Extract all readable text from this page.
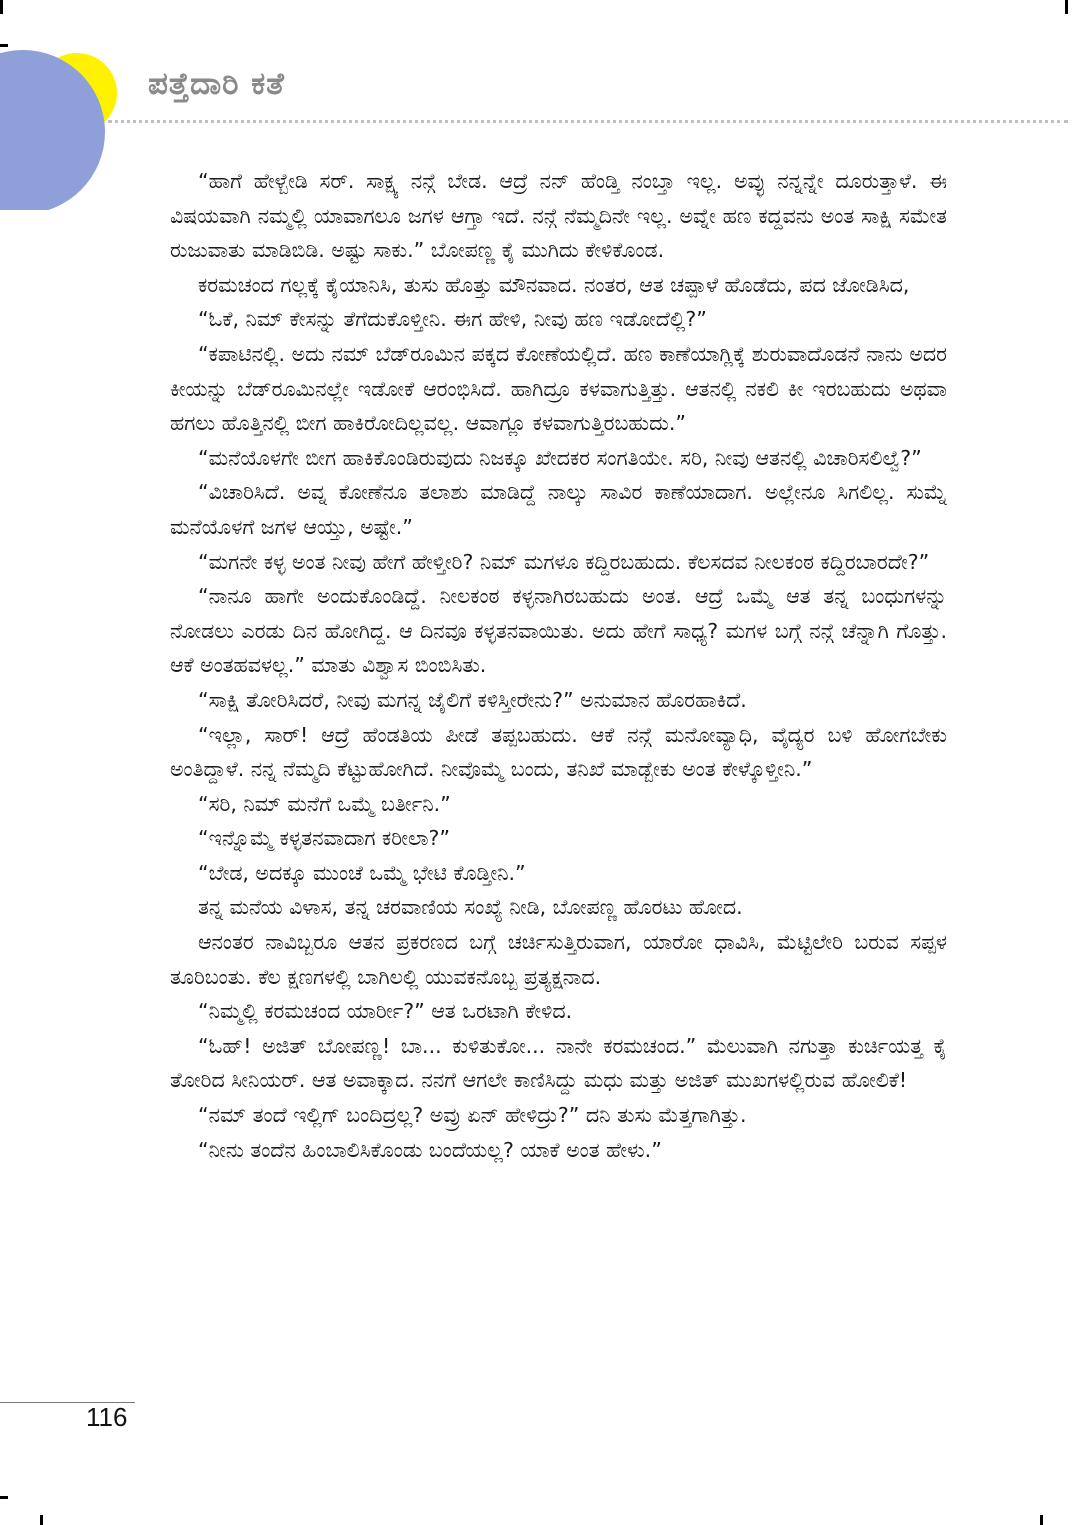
ಪತ್ತೆದಾರಿ ಕತೆ

“ಹಾಗೆ ಹೇಳ್ಬೇಡಿ ಸರ್. ಸಾಕ್ಷ್ಯ ನನ್ಗೆ ಬೇಡ. ಆದ್ರೆ ನನ್ ಹೆಂಡ್ತಿ ನಂಬ್ತಾ ಇಲ್ಲ. ಅವ್ಳು ನನ್ನನ್ನೇ ದೂರುತ್ತಾಳೆ. ಈ ವಿಷಯವಾಗಿ ನಮ್ಮಲ್ಲಿ ಯಾವಾಗಲೂ ಜಗಳ ಆಗ್ತಾ ಇದೆ. ನನ್ಗೆ ನೆಮ್ಮದಿನೇ ಇಲ್ಲ. ಅವ್ನೇ ಹಣ ಕದ್ದವನು ಅಂತ ಸಾಕ್ಷಿ ಸಮೇತ ರುಜುವಾತು ಮಾಡಿಬಿಡಿ. ಅಷ್ಟು ಸಾಕು.” ಬೋಪಣ್ಣ ಕೈ ಮುಗಿದು ಕೇಳಿಕೊಂಡ.

ಕರಮಚಂದ ಗಲ್ಲಕ್ಕೆ ಕೈಯಾನಿಸಿ, ತುಸು ಹೊತ್ತು ಮೌನವಾದ. ನಂತರ, ಆತ ಚಪ್ಪಾಳೆ ಹೊಡೆದು, ಪದ ಜೋಡಿಸಿದ,

“ಓಕೆ, ನಿಮ್ ಕೇಸನ್ನು ತೆಗೆದುಕೊಳ್ತೀನಿ. ಈಗ ಹೇಳಿ, ನೀವು ಹಣ ಇಡೋದೆಲ್ಲಿ?”

“ಕಪಾಟಿನಲ್ಲಿ. ಅದು ನಮ್ ಬೆಡ್‌ರೂಮಿನ ಪಕ್ಕದ ಕೋಣೆಯಲ್ಲಿದೆ. ಹಣ ಕಾಣೆಯಾಗ್ಲಿಕ್ಕೆ ಶುರುವಾದೊಡನೆ ನಾನು ಅದರ ಕೀಯನ್ನು ಬೆಡ್‌ರೂಮಿನಲ್ಲೇ ಇಡೋಕೆ ಆರಂಭಿಸಿದೆ. ಹಾಗಿದ್ರೂ ಕಳವಾಗುತ್ತಿತ್ತು. ಆತನಲ್ಲಿ ನಕಲಿ ಕೀ ಇರಬಹುದು ಅಥವಾ ಹಗಲು ಹೊತ್ತಿನಲ್ಲಿ ಬೀಗ ಹಾಕಿರೋದಿಲ್ಲವಲ್ಲ. ಆವಾಗ್ಲೂ ಕಳವಾಗುತ್ತಿರಬಹುದು.”

“ಮನೆಯೊಳಗೇ ಬೀಗ ಹಾಕಿಕೊಂಡಿರುವುದು ನಿಜಕ್ಕೂ ಖೇದಕರ ಸಂಗತಿಯೇ. ಸರಿ, ನೀವು ಆತನಲ್ಲಿ ವಿಚಾರಿಸಲಿಲ್ವೆ?”

“ವಿಚಾರಿಸಿದೆ. ಅವ್ನ ಕೋಣೆನೂ ತಲಾಶು ಮಾಡಿದ್ದೆ ನಾಲ್ಕು ಸಾವಿರ ಕಾಣೆಯಾದಾಗ. ಅಲ್ಲೇನೂ ಸಿಗಲಿಲ್ಲ. ಸುಮ್ನೆ ಮನೆಯೊಳಗೆ ಜಗಳ ಆಯ್ತು, ಅಷ್ಟೇ.”

“ಮಗನೇ ಕಳ್ಳ ಅಂತ ನೀವು ಹೇಗೆ ಹೇಳ್ತೀರಿ? ನಿಮ್ ಮಗಳೂ ಕದ್ದಿರಬಹುದು. ಕೆಲಸದವ ನೀಲಕಂಠ ಕದ್ದಿರಬಾರದೇ?”

“ನಾನೂ ಹಾಗೇ ಅಂದುಕೊಂಡಿದ್ದೆ. ನೀಲಕಂಠ ಕಳ್ಳನಾಗಿರಬಹುದು ಅಂತ. ಆದ್ರೆ ಒಮ್ಮೆ ಆತ ತನ್ನ ಬಂಧುಗಳನ್ನು ನೋಡಲು ಎರಡು ದಿನ ಹೋಗಿದ್ದ. ಆ ದಿನವೂ ಕಳ್ಳತನವಾಯಿತು. ಅದು ಹೇಗೆ ಸಾಧ್ಯ? ಮಗಳ ಬಗ್ಗೆ ನನ್ಗೆ ಚೆನ್ನಾಗಿ ಗೊತ್ತು. ಆಕೆ ಅಂತಹವಳಲ್ಲ.” ಮಾತು ವಿಶ್ವಾಸ ಬಿಂಬಿಸಿತು.

“ಸಾಕ್ಷಿ ತೋರಿಸಿದರೆ, ನೀವು ಮಗನ್ನ ಜೈಲಿಗೆ ಕಳಿಸ್ತೀರೇನು?” ಅನುಮಾನ ಹೊರಹಾಕಿದೆ.

“ಇಲ್ಲಾ, ಸಾರ್! ಆದ್ರೆ ಹೆಂಡತಿಯ ಪೀಡೆ ತಪ್ಪಬಹುದು. ಆಕೆ ನನ್ಗೆ ಮನೋವ್ಯಾಧಿ, ವೈದ್ಯರ ಬಳಿ ಹೋಗಬೇಕು ಅಂತಿದ್ದಾಳೆ. ನನ್ನ ನೆಮ್ಮದಿ ಕೆಟ್ಟುಹೋಗಿದೆ. ನೀವೊಮ್ಮೆ ಬಂದು, ತನಿಖೆ ಮಾಡ್ಬೇಕು ಅಂತ ಕೇಳ್ಕೊಳ್ತೀನಿ.”

“ಸರಿ, ನಿಮ್ ಮನೆಗೆ ಒಮ್ಮೆ ಬರ್ತೀನಿ.”

“ಇನ್ನೊಮ್ಮೆ ಕಳ್ಳತನವಾದಾಗ ಕರೀಲಾ?”

“ಬೇಡ, ಅದಕ್ಕೂ ಮುಂಚೆ ಒಮ್ಮೆ ಭೇಟಿ ಕೊಡ್ತೀನಿ.”

ತನ್ನ ಮನೆಯ ವಿಳಾಸ, ತನ್ನ ಚರವಾಣಿಯ ಸಂಖ್ಯೆ ನೀಡಿ, ಬೋಪಣ್ಣ ಹೊರಟು ಹೋದ.

ಆನಂತರ ನಾವಿಬ್ಬರೂ ಆತನ ಪ್ರಕರಣದ ಬಗ್ಗೆ ಚರ್ಚಿಸುತ್ತಿರುವಾಗ, ಯಾರೋ ಧಾವಿಸಿ, ಮೆಟ್ಟಿಲೇರಿ ಬರುವ ಸಪ್ಪಳ ತೂರಿಬಂತು. ಕೆಲ ಕ್ಷಣಗಳಲ್ಲಿ ಬಾಗಿಲಲ್ಲಿ ಯುವಕನೊಬ್ಬ ಪ್ರತ್ಯಕ್ಷನಾದ.

“ನಿಮ್ಮಲ್ಲಿ ಕರಮಚಂದ ಯಾರ್ರೀ?” ಆತ ಒರಟಾಗಿ ಕೇಳಿದ.

“ಓಹ್! ಅಜಿತ್ ಬೋಪಣ್ಣ! ಬಾ... ಕುಳಿತುಕೋ... ನಾನೇ ಕರಮಚಂದ.” ಮೆಲುವಾಗಿ ನಗುತ್ತಾ ಕುರ್ಚಿಯತ್ತ ಕೈ ತೋರಿದ ಸೀನಿಯರ್. ಆತ ಅವಾಕ್ಕಾದ. ನನಗೆ ಆಗಲೇ ಕಾಣಿಸಿದ್ದು ಮಧು ಮತ್ತು ಅಜಿತ್ ಮುಖಗಳಲ್ಲಿರುವ ಹೋಲಿಕೆ!

“ನಮ್ ತಂದೆ ಇಲ್ಲಿಗ್ ಬಂದಿದ್ರಲ್ಲ? ಅವ್ರು ಏನ್ ಹೇಳಿದ್ರು?” ದನಿ ತುಸು ಮೆತ್ತಗಾಗಿತ್ತು.

“ನೀನು ತಂದೆನ ಹಿಂಬಾಲಿಸಿಕೊಂಡು ಬಂದೆಯಲ್ಲ? ಯಾಕೆ ಅಂತ ಹೇಳು.”

116
